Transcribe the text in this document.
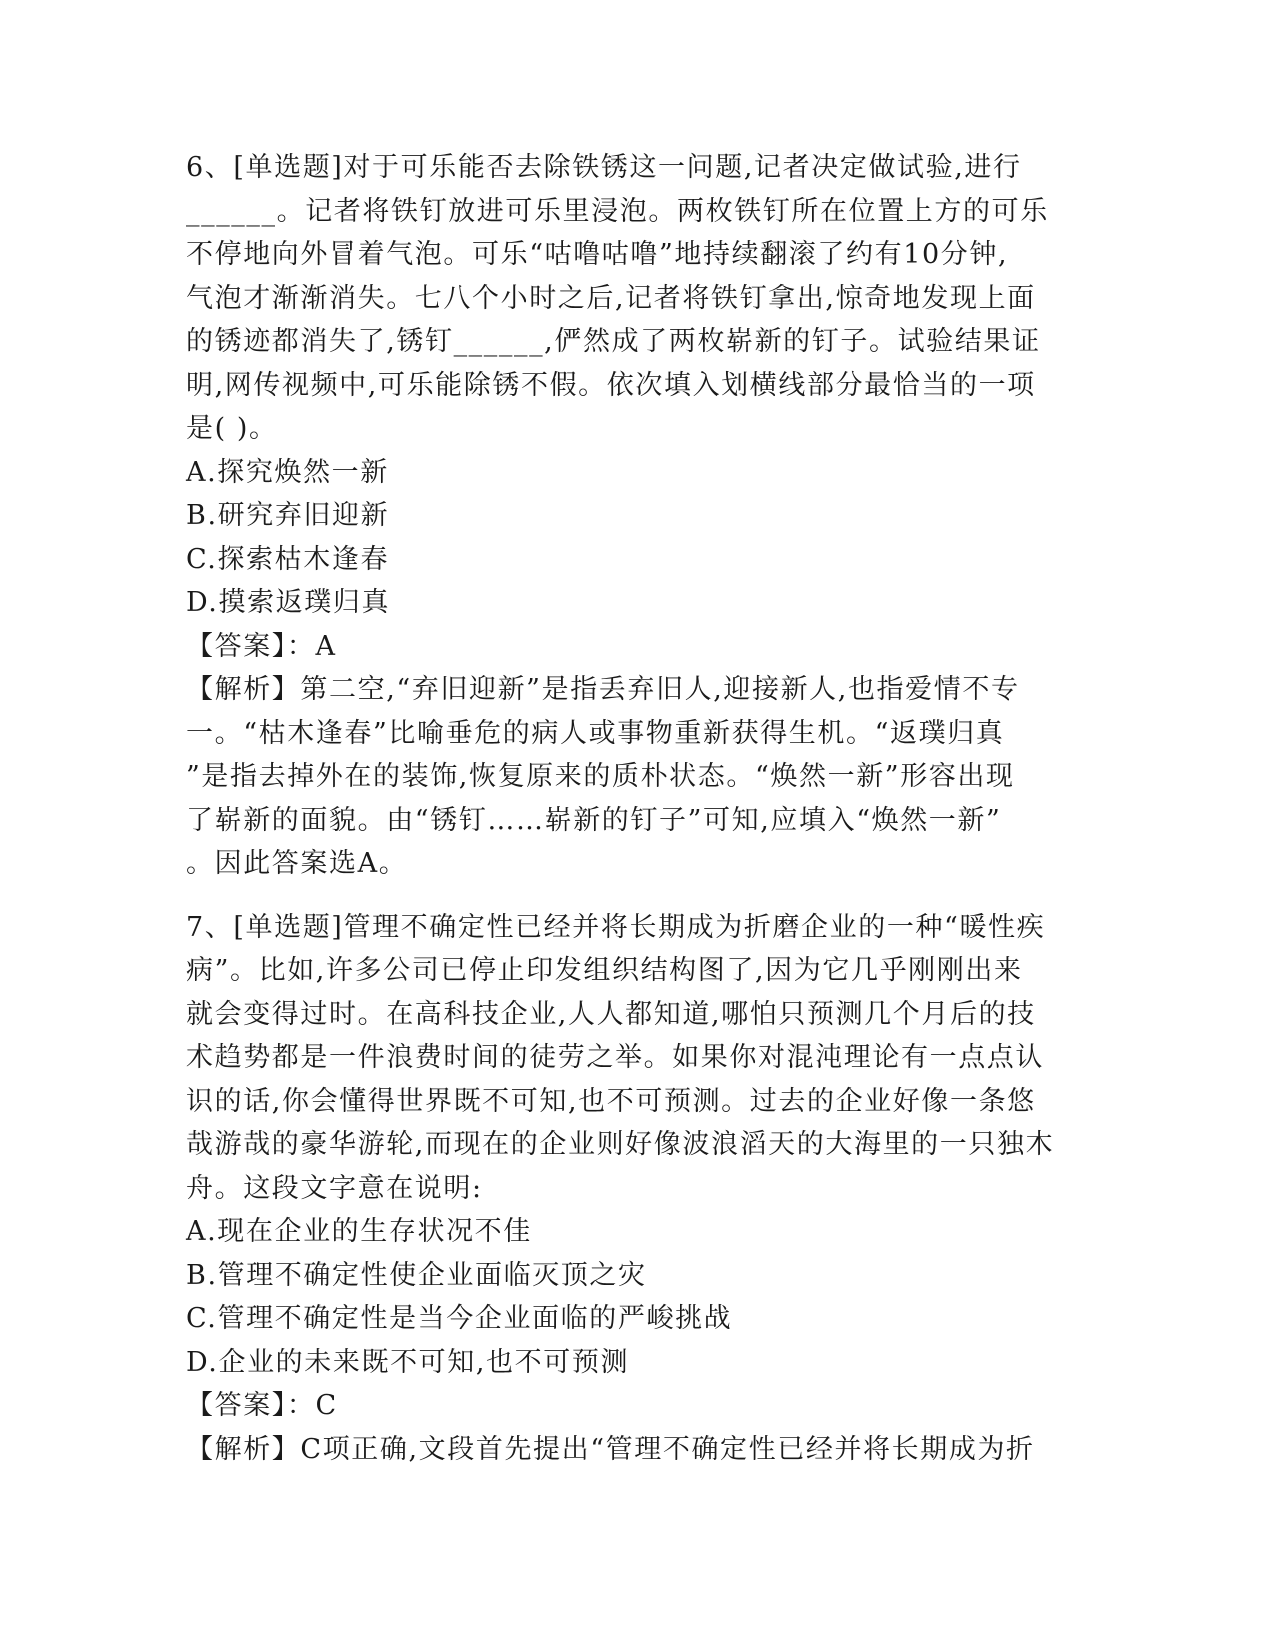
6、[单选题]对于可乐能否去除铁锈这一问题,记者决定做试验,进行
______。记者将铁钉放进可乐里浸泡。两枚铁钉所在位置上方的可乐
不停地向外冒着气泡。可乐“咕噜咕噜”地持续翻滚了约有10分钟,
气泡才渐渐消失。七八个小时之后,记者将铁钉拿出,惊奇地发现上面
的锈迹都消失了,锈钉______,俨然成了两枚崭新的钉子。试验结果证
明,网传视频中,可乐能除锈不假。依次填入划横线部分最恰当的一项
是( )。
A.探究焕然一新
B.研究弃旧迎新
C.探索枯木逢春
D.摸索返璞归真
【答案】：A
【解析】第二空,“弃旧迎新”是指丢弃旧人,迎接新人,也指爱情不专
一。“枯木逢春”比喻垂危的病人或事物重新获得生机。“返璞归真
”是指去掉外在的装饰,恢复原来的质朴状态。“焕然一新”形容出现
了崭新的面貌。由“锈钉……崭新的钉子”可知,应填入“焕然一新”
。因此答案选A。
7、[单选题]管理不确定性已经并将长期成为折磨企业的一种“暖性疾
病”。比如,许多公司已停止印发组织结构图了,因为它几乎刚刚出来
就会变得过时。在高科技企业,人人都知道,哪怕只预测几个月后的技
术趋势都是一件浪费时间的徒劳之举。如果你对混沌理论有一点点认
识的话,你会懂得世界既不可知,也不可预测。过去的企业好像一条悠
哉游哉的豪华游轮,而现在的企业则好像波浪滔天的大海里的一只独木
舟。这段文字意在说明:
A.现在企业的生存状况不佳
B.管理不确定性使企业面临灭顶之灾
C.管理不确定性是当今企业面临的严峻挑战
D.企业的未来既不可知,也不可预测
【答案】：C
【解析】C项正确,文段首先提出“管理不确定性已经并将长期成为折
